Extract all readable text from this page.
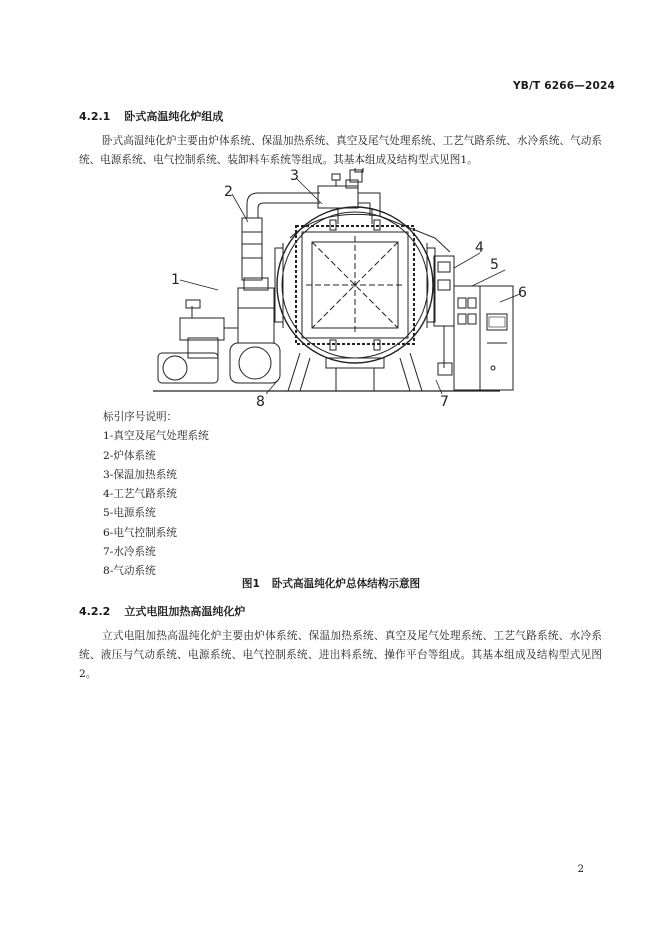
YB/T 6266—2024
4.2.1 卧式高温纯化炉组成
卧式高温纯化炉主要由炉体系统、保温加热系统、真空及尾气处理系统、工艺气路系统、水冷系统、气动系统、电源系统、电气控制系统、装卸料车系统等组成。其基本组成及结构型式见图1。
1
2
3
4
5
6
7
8
标引序号说明：
1-真空及尾气处理系统
2-炉体系统
3-保温加热系统
4-工艺气路系统
5-电源系统
6-电气控制系统
7-水冷系统
8-气动系统
图1 卧式高温纯化炉总体结构示意图
4.2.2 立式电阻加热高温纯化炉
立式电阻加热高温纯化炉主要由炉体系统、保温加热系统、真空及尾气处理系统、工艺气路系统、水冷系统、液压与气动系统、电源系统、电气控制系统、进出料系统、操作平台等组成。其基本组成及结构型式见图2。
2
